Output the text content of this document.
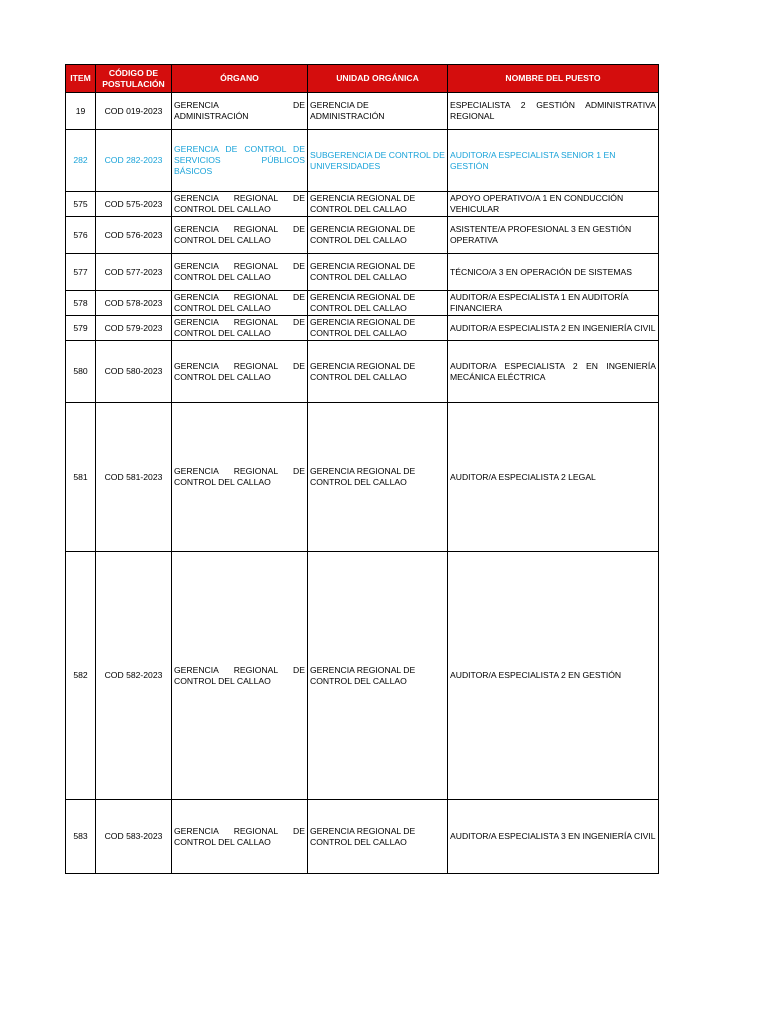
ITEM	CÓDIGO DE POSTULACIÓN	ÓRGANO	UNIDAD ORGÁNICA	NOMBRE DEL PUESTO
19	COD 019-2023	GERENCIA DE ADMINISTRACIÓN	GERENCIA DE ADMINISTRACIÓN	ESPECIALISTA 2 GESTIÓN ADMINISTRATIVA REGIONAL
282	COD 282-2023	GERENCIA DE CONTROL DE SERVICIOS PÚBLICOS BÁSICOS	SUBGERENCIA DE CONTROL DE UNIVERSIDADES	AUDITOR/A ESPECIALISTA SENIOR 1 EN GESTIÓN
575	COD 575-2023	GERENCIA REGIONAL DE CONTROL DEL CALLAO	GERENCIA REGIONAL DE CONTROL DEL CALLAO	APOYO OPERATIVO/A 1 EN CONDUCCIÓN VEHICULAR
576	COD 576-2023	GERENCIA REGIONAL DE CONTROL DEL CALLAO	GERENCIA REGIONAL DE CONTROL DEL CALLAO	ASISTENTE/A PROFESIONAL 3 EN GESTIÓN OPERATIVA
577	COD 577-2023	GERENCIA REGIONAL DE CONTROL DEL CALLAO	GERENCIA REGIONAL DE CONTROL DEL CALLAO	TÉCNICO/A 3 EN OPERACIÓN DE SISTEMAS
578	COD 578-2023	GERENCIA REGIONAL DE CONTROL DEL CALLAO	GERENCIA REGIONAL DE CONTROL DEL CALLAO	AUDITOR/A ESPECIALISTA 1 EN AUDITORÍA FINANCIERA
579	COD 579-2023	GERENCIA REGIONAL DE CONTROL DEL CALLAO	GERENCIA REGIONAL DE CONTROL DEL CALLAO	AUDITOR/A ESPECIALISTA 2 EN INGENIERÍA CIVIL
580	COD 580-2023	GERENCIA REGIONAL DE CONTROL DEL CALLAO	GERENCIA REGIONAL DE CONTROL DEL CALLAO	AUDITOR/A ESPECIALISTA 2 EN INGENIERÍA MECÁNICA ELÉCTRICA
581	COD 581-2023	GERENCIA REGIONAL DE CONTROL DEL CALLAO	GERENCIA REGIONAL DE CONTROL DEL CALLAO	AUDITOR/A ESPECIALISTA 2 LEGAL
582	COD 582-2023	GERENCIA REGIONAL DE CONTROL DEL CALLAO	GERENCIA REGIONAL DE CONTROL DEL CALLAO	AUDITOR/A ESPECIALISTA 2 EN GESTIÓN
583	COD 583-2023	GERENCIA REGIONAL DE CONTROL DEL CALLAO	GERENCIA REGIONAL DE CONTROL DEL CALLAO	AUDITOR/A ESPECIALISTA 3 EN INGENIERÍA CIVIL
